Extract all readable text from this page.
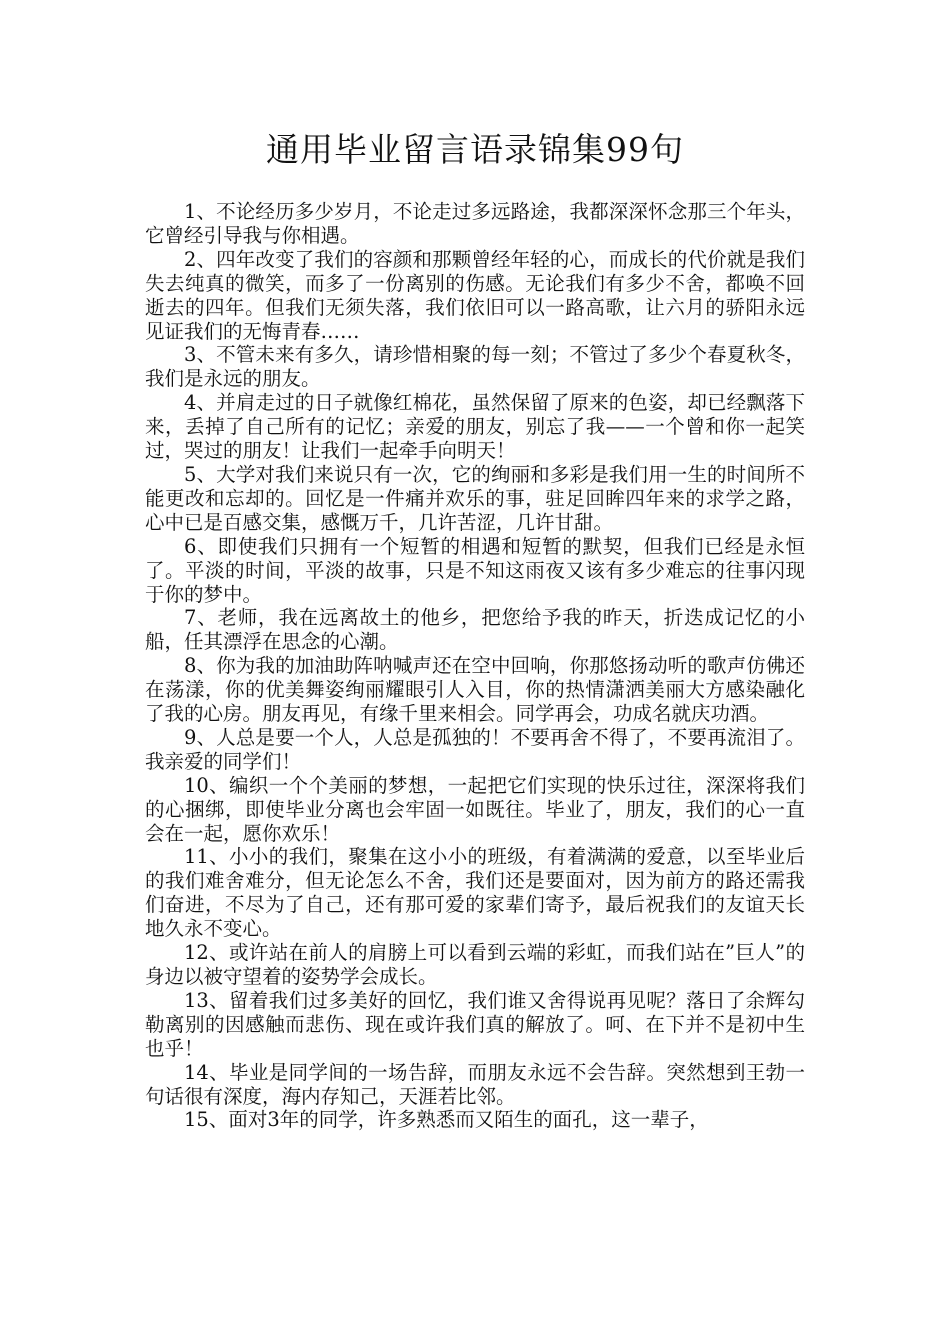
通用毕业留言语录锦集99句

1、不论经历多少岁月，不论走过多远路途，我都深深怀念那三个年头，它曾经引导我与你相遇。

2、四年改变了我们的容颜和那颗曾经年轻的心，而成长的代价就是我们失去纯真的微笑，而多了一份离别的伤感。无论我们有多少不舍，都唤不回逝去的四年。但我们无须失落，我们依旧可以一路高歌，让六月的骄阳永远见证我们的无悔青春……

3、不管未来有多久，请珍惜相聚的每一刻；不管过了多少个春夏秋冬，我们是永远的朋友。

4、并肩走过的日子就像红棉花，虽然保留了原来的色姿，却已经飘落下来，丢掉了自己所有的记忆；亲爱的朋友，别忘了我——一个曾和你一起笑过，哭过的朋友！让我们一起牵手向明天！

5、大学对我们来说只有一次，它的绚丽和多彩是我们用一生的时间所不能更改和忘却的。回忆是一件痛并欢乐的事，驻足回眸四年来的求学之路，心中已是百感交集，感慨万千，几许苦涩，几许甘甜。

6、即使我们只拥有一个短暂的相遇和短暂的默契，但我们已经是永恒了。平淡的时间，平淡的故事，只是不知这雨夜又该有多少难忘的往事闪现于你的梦中。

7、老师，我在远离故土的他乡，把您给予我的昨天，折迭成记忆的小船，任其漂浮在思念的心潮。

8、你为我的加油助阵呐喊声还在空中回响，你那悠扬动听的歌声仿佛还在荡漾，你的优美舞姿绚丽耀眼引人入目，你的热情潇洒美丽大方感染融化了我的心房。朋友再见，有缘千里来相会。同学再会，功成名就庆功酒。

9、人总是要一个人，人总是孤独的！不要再舍不得了，不要再流泪了。我亲爱的同学们！

10、编织一个个美丽的梦想，一起把它们实现的快乐过往，深深将我们的心捆绑，即使毕业分离也会牢固一如既往。毕业了，朋友，我们的心一直会在一起，愿你欢乐！

11、小小的我们，聚集在这小小的班级，有着满满的爱意，以至毕业后的我们难舍难分，但无论怎么不舍，我们还是要面对，因为前方的路还需我们奋进，不尽为了自己，还有那可爱的家辈们寄予，最后祝我们的友谊天长地久永不变心。

12、或许站在前人的肩膀上可以看到云端的彩虹，而我们站在”巨人”的身边以被守望着的姿势学会成长。

13、留着我们过多美好的回忆，我们谁又舍得说再见呢？落日了余辉勾勒离别的因感触而悲伤、现在或许我们真的解放了。呵、在下并不是初中生也乎！

14、毕业是同学间的一场告辞，而朋友永远不会告辞。突然想到王勃一句话很有深度，海内存知己，天涯若比邻。

15、面对3年的同学，许多熟悉而又陌生的面孔，这一辈子，
